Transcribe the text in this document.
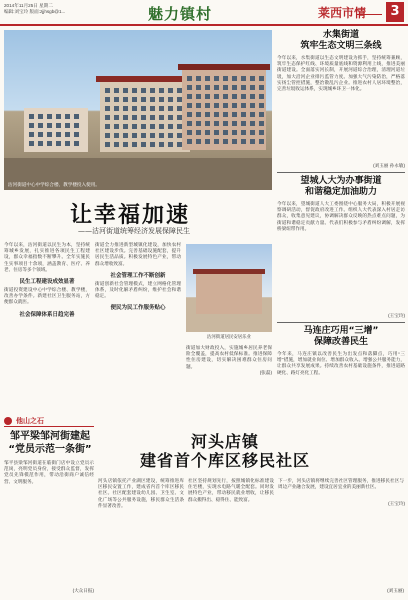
2014年11月25日 星期二
编辑:刘宝玲 版面:zjjhsgb@1...	魅力镇村	莱西市情	3
沽河街道中心中学综合楼、教学楼投入使用。
水集街道
筑牢生态文明三条线
今年以来，水集街道以生态文明建设为抓手，坚持统筹兼顾，筑牢生态保护红线、环境质量底线和资源利用上线，推进美丽街道建设。全面落实河长制，开展河道综合治理，清理河道垃圾，加大沿河企业排污监管力度。加强大气污染防治，严格落实扬尘管控措施，整治散乱污企业。推进农村人居环境整治，完善垃圾收运体系，实现城乡环卫一体化。
(刘玉丽 孙永敏)
望城人大为办事街道
和谐稳定加油助力
今年以来，望城街道人大工委围绕中心服务大局，积极开展视察调研活动，督促政府改进工作。组织人大代表深入村居走访群众，收集意见建议，协调解决群众反映的热点难点问题，为街道和谐稳定贡献力量。代表们积极参与矛盾纠纷调解，发挥桥梁纽带作用。
(王宝玲)
马连庄巧用“三增”
保障改善民生
今年来，马连庄镇以改善民生为出发点和落脚点，巧用“三增”措施，增加就业岗位、增加群众收入、增强公共服务能力，让群众共享发展成果。持续改善农村基础设施条件，推进道路硬化、路灯亮化工程。
(王宝玲)
让幸福加速
——沽河街道统筹经济发展保障民生
今年以来，沽河街道以民生为本，坚持统筹城乡发展，扎实推进各项民生工程建设，群众幸福指数不断攀升。全年实施民生实事项目十余项，涵盖教育、医疗、养老、住房等多个领域。
民生工程建设成效显著
街道投资建设中心中学综合楼、教学楼，改善办学条件。新建社区卫生服务站，方便群众就医。
社会保障体系日趋完善
街道全力推进新型城镇化建设，加快农村社区建设步伐。完善基础设施配套，提升居民生活品质。积极发展特色产业，带动群众增收致富。
社会管理工作不断创新
街道创新社会管理模式，建立网格化管理体系，及时化解矛盾纠纷，维护社会和谐稳定。
便民为民工作服务贴心
沽河街道居民安居乐业
街道加大财政投入，实施城乡居民养老保险全覆盖，提高农村低保标准。推进保障性住房建设，切实解决困难群众住房问题。
(张磊)
他山之石
邹平梁邹河街建起
“党员示范一条街”
邹平县梁邹河街道在临街门店中设立党员示范岗，亮明党员身份，接受群众监督，发挥党员先锋模范作用，带动沿街商户诚信经营、文明服务。
(大众日报)
河头店镇
建省首个库区移民社区
河头店镇依托产业湖区建设，统筹推进库区移民安置工作，建成省内首个库区移民社区。社区配套建设幼儿园、卫生室、文化广场等公共服务设施，移民群众生活条件显著改善。
社区坚持规划先行，按照城镇化标准建设住宅楼，实现水电路气暖全配套。同时发展特色产业，带动移民就业增收，让移民群众搬得出、稳得住、能致富。
下一步，河头店镇将继续完善社区管理服务，推进移民社区与周边产业融合发展，建设宜居宜业的美丽新社区。
(刘玉丽)
